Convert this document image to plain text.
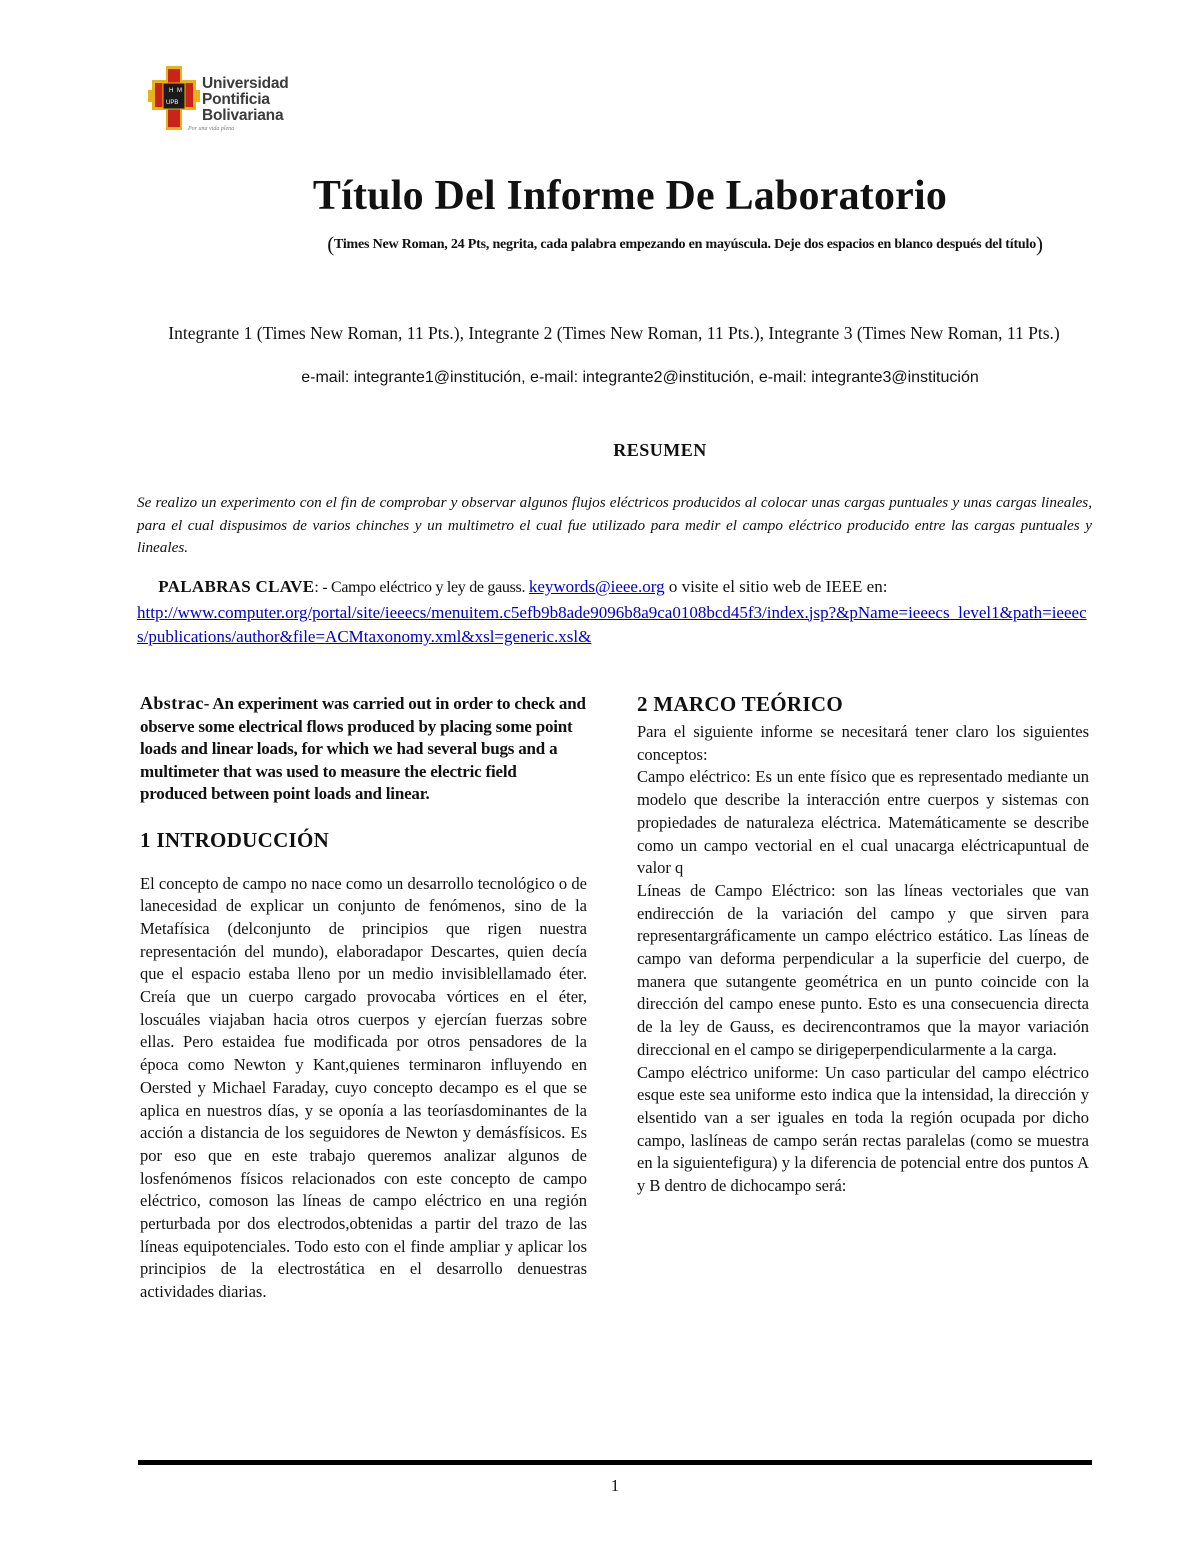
H M
UPB
Universidad
Pontificia
Bolivariana
Por una vida plena
Título Del Informe De Laboratorio
(Times New Roman, 24 Pts, negrita, cada palabra empezando en mayúscula. Deje dos espacios en blanco después del título)
Integrante 1 (Times New Roman, 11 Pts.), Integrante 2 (Times New Roman, 11 Pts.), Integrante 3 (Times New Roman, 11 Pts.)
e-mail: integrante1@institución, e-mail: integrante2@institución, e-mail: integrante3@institución
RESUMEN
Se realizo un experimento con el fin de comprobar y observar algunos flujos eléctricos producidos al colocar unas cargas puntuales y unas cargas lineales, para el cual dispusimos de varios chinches y un multimetro el cual fue utilizado para medir el campo eléctrico producido entre las cargas puntuales y lineales.
PALABRAS CLAVE: - Campo eléctrico y ley de gauss. keywords@ieee.org o visite el sitio web de IEEE en:
http://www.computer.org/portal/site/ieeecs/menuitem.c5efb9b8ade9096b8a9ca0108bcd45f3/index.jsp?&pName=ieeecs_level1&path=ieeecs/publications/author&file=ACMtaxonomy.xml&xsl=generic.xsl&
Abstrac- An experiment was carried out in order to check and observe some electrical flows produced by placing some point loads and linear loads, for which we had several bugs and a multimeter that was used to measure the electric field produced between point loads and linear.
1 INTRODUCCIÓN

El concepto de campo no nace como un desarrollo tecnológico o de lanecesidad de explicar un conjunto de fenómenos, sino de la Metafísica (delconjunto de principios que rigen nuestra representación del mundo), elaboradapor Descartes, quien decía que el espacio estaba lleno por un medio invisiblellamado éter. Creía que un cuerpo cargado provocaba vórtices en el éter, loscuáles viajaban hacia otros cuerpos y ejercían fuerzas sobre ellas. Pero estaidea fue modificada por otros pensadores de la época como Newton y Kant,quienes terminaron influyendo en Oersted y Michael Faraday, cuyo concepto decampo es el que se aplica en nuestros días, y se oponía a las teoríasdominantes de la acción a distancia de los seguidores de Newton y demásfísicos. Es por eso que en este trabajo queremos analizar algunos de losfenómenos físicos relacionados con este concepto de campo eléctrico, comoson las líneas de campo eléctrico en una región perturbada por dos electrodos,obtenidas a partir del trazo de las líneas equipotenciales. Todo esto con el finde ampliar y aplicar los principios de la electrostática en el desarrollo denuestras actividades diarias.

2 MARCO TEÓRICO

Para el siguiente informe se necesitará tener claro los siguientes conceptos:

Campo eléctrico: Es un ente físico que es representado mediante un modelo que describe la interacción entre cuerpos y sistemas con propiedades de naturaleza eléctrica. Matemáticamente se describe como un campo vectorial en el cual unacarga eléctricapuntual de valor q

Líneas de Campo Eléctrico: son las líneas vectoriales que van endirección de la variación del campo y que sirven para representargráficamente un campo eléctrico estático. Las líneas de campo van deforma perpendicular a la superficie del cuerpo, de manera que sutangente geométrica en un punto coincide con la dirección del campo enese punto. Esto es una consecuencia directa de la ley de Gauss, es decirencontramos que la mayor variación direccional en el campo se dirigeperpendicularmente a la carga.

Campo eléctrico uniforme: Un caso particular del campo eléctrico esque este sea uniforme esto indica que la intensidad, la dirección y elsentido van a ser iguales en toda la región ocupada por dicho campo, laslíneas de campo serán rectas paralelas (como se muestra en la siguientefigura) y la diferencia de potencial entre dos puntos A y B dentro de dichocampo será:

1
